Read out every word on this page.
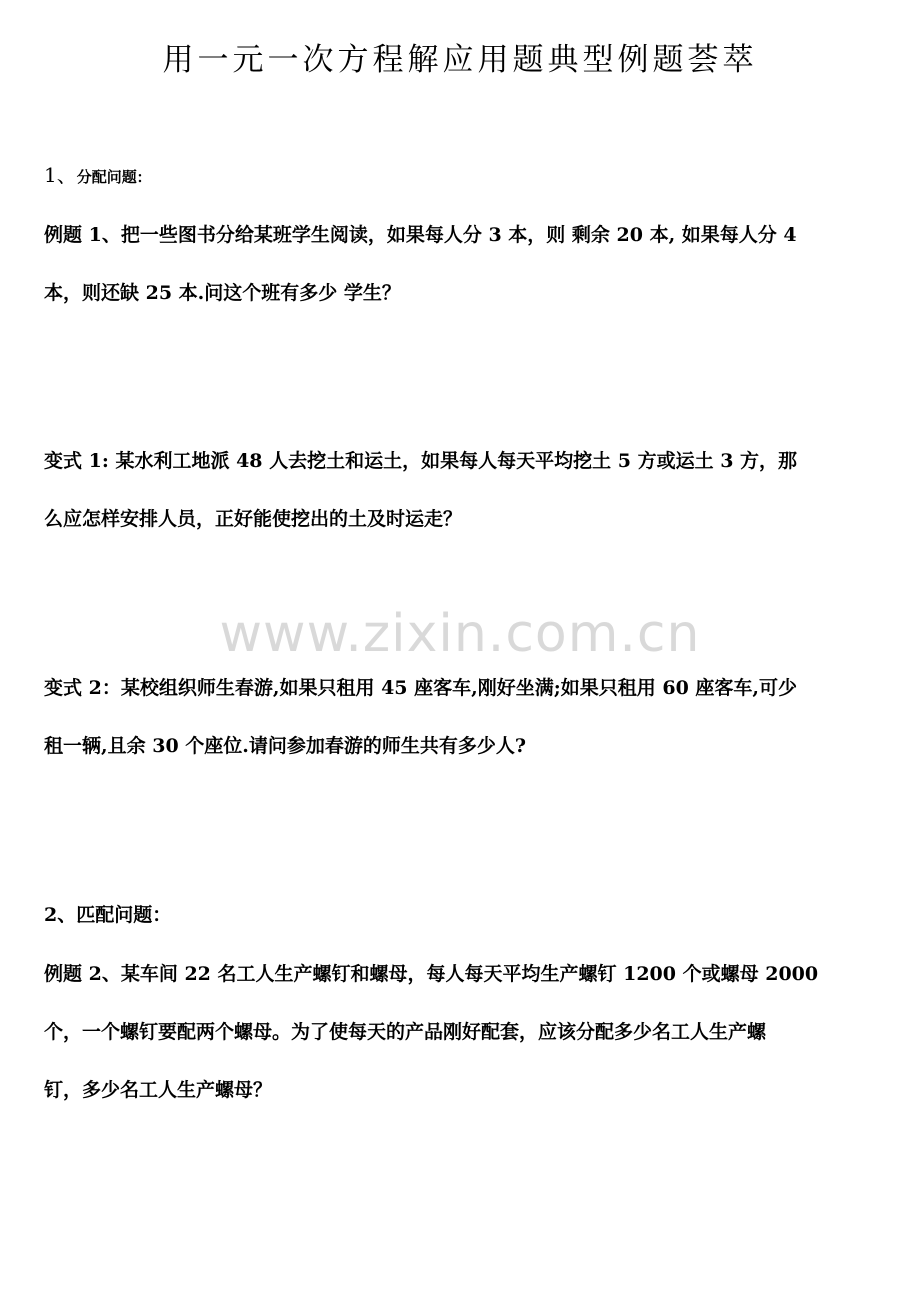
用一元一次方程解应用题典型例题荟萃
1、分配问题:
例题 1、把一些图书分给某班学生阅读，如果每人分 3 本，则 剩余 20 本, 如果每人分 4
本，则还缺 25 本.问这个班有多少 学生？
变式 1: 某水利工地派 48 人去挖土和运土，如果每人每天平均挖土 5 方或运土 3 方，那
么应怎样安排人员，正好能使挖出的土及时运走？
www.zixin.com.cn
变式 2：某校组织师生春游,如果只租用 45 座客车,刚好坐满;如果只租用 60 座客车,可少
租一辆,且余 30 个座位.请问参加春游的师生共有多少人?
2、匹配问题：
例题 2、某车间 22 名工人生产螺钉和螺母，每人每天平均生产螺钉 1200 个或螺母 2000
个，一个螺钉要配两个螺母。为了使每天的产品刚好配套，应该分配多少名工人生产螺
钉，多少名工人生产螺母？
